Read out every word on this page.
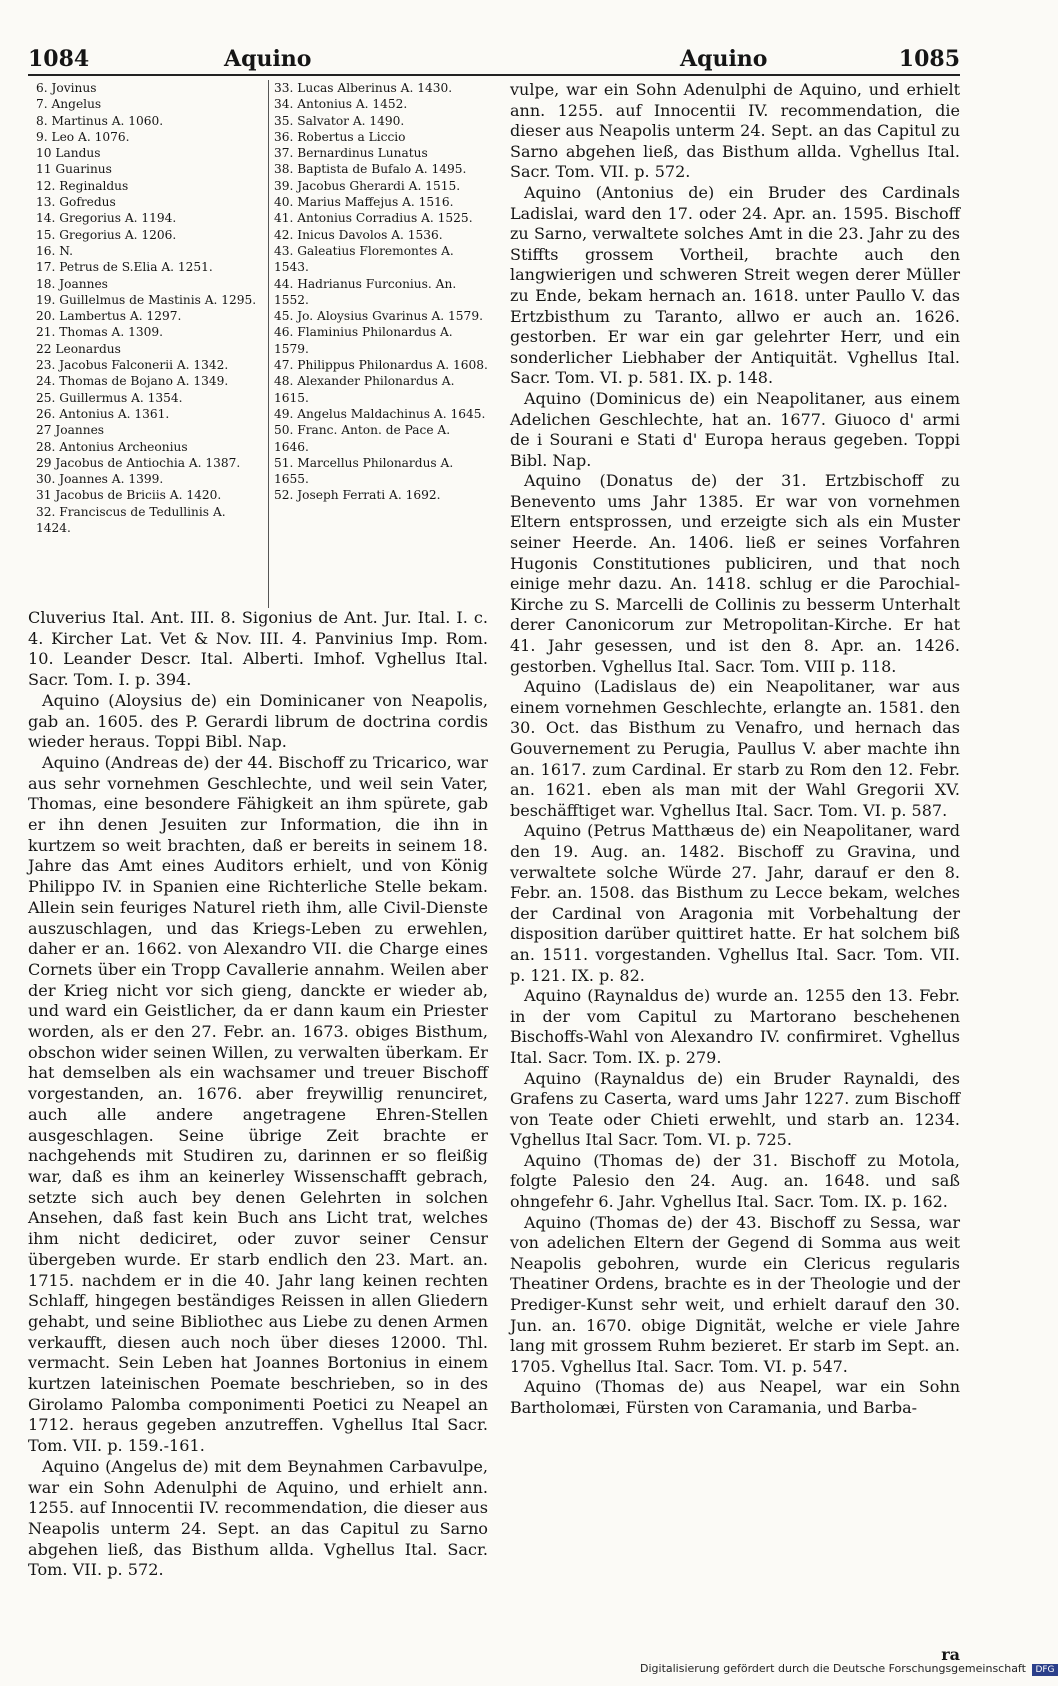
1084	Aquino	Aquino	1085
6. Jovinus
7. Angelus
8. Martinus A. 1060.
9. Leo A. 1076.
10 Landus
11 Guarinus
12. Reginaldus
13. Gofredus
14. Gregorius A. 1194.
15. Gregorius A. 1206.
16. N.
17. Petrus de S.Elia A. 1251.
18. Joannes
19. Guillelmus de Mastinis A. 1295.
20. Lambertus A. 1297.
21. Thomas A. 1309.
22 Leonardus
23. Jacobus Falconerii A. 1342.
24. Thomas de Bojano A. 1349.
25. Guillermus A. 1354.
26. Antonius A. 1361.
27 Joannes
28. Antonius Archeonius
29 Jacobus de Antiochia A. 1387.
30. Joannes A. 1399.
31 Jacobus de Briciis A. 1420.
32. Franciscus de Tedullinis A. 1424.
33. Lucas Alberinus A. 1430.
34. Antonius A. 1452.
35. Salvator A. 1490.
36. Robertus a Liccio
37. Bernardinus Lunatus
38. Baptista de Bufalo A. 1495.
39. Jacobus Gherardi A. 1515.
40. Marius Maffejus A. 1516.
41. Antonius Corradius A. 1525.
42. Inicus Davolos A. 1536.
43. Galeatius Floremontes A. 1543.
44. Hadrianus Furconius. An. 1552.
45. Jo. Aloysius Gvarinus A. 1579.
46. Flaminius Philonardus A. 1579.
47. Philippus Philonardus A. 1608.
48. Alexander Philonardus A. 1615.
49. Angelus Maldachinus A. 1645.
50. Franc. Anton. de Pace A. 1646.
51. Marcellus Philonardus A. 1655.
52. Joseph Ferrati A. 1692.

Cluverius Ital. Ant. III. 8. Sigonius de Ant. Jur. Ital. I. c. 4. Kircher Lat. Vet & Nov. III. 4. Panvinius Imp. Rom. 10. Leander Descr. Ital. Alberti. Imhof. Vghellus Ital. Sacr. Tom. I. p. 394.

Aquino (Aloysius de) ein Dominicaner von Neapolis, gab an. 1605. des P. Gerardi librum de doctrina cordis wieder heraus. Toppi Bibl. Nap.

Aquino (Andreas de) der 44. Bischoff zu Tricarico, war aus sehr vornehmen Geschlechte, und weil sein Vater, Thomas, eine besondere Fähigkeit an ihm spürete, gab er ihn denen Jesuiten zur Information, die ihn in kurtzem so weit brachten, daß er bereits in seinem 18. Jahre das Amt eines Auditors erhielt, und von König Philippo IV. in Spanien eine Richterliche Stelle bekam. Allein sein feuriges Naturel rieth ihm, alle Civil-Dienste auszuschlagen, und das Kriegs-Leben zu erwehlen, daher er an. 1662. von Alexandro VII. die Charge eines Cornets über ein Tropp Cavallerie annahm. Weilen aber der Krieg nicht vor sich gieng, danckte er wieder ab, und ward ein Geistlicher, da er dann kaum ein Priester worden, als er den 27. Febr. an. 1673. obiges Bisthum, obschon wider seinen Willen, zu verwalten überkam. Er hat demselben als ein wachsamer und treuer Bischoff vorgestanden, an. 1676. aber freywillig renunciret, auch alle andere angetragene Ehren-Stellen ausgeschlagen. Seine übrige Zeit brachte er nachgehends mit Studiren zu, darinnen er so fleißig war, daß es ihm an keinerley Wissenschafft gebrach, setzte sich auch bey denen Gelehrten in solchen Ansehen, daß fast kein Buch ans Licht trat, welches ihm nicht dediciret, oder zuvor seiner Censur übergeben wurde. Er starb endlich den 23. Mart. an. 1715. nachdem er in die 40. Jahr lang keinen rechten Schlaff, hingegen beständiges Reissen in allen Gliedern gehabt, und seine Bibliothec aus Liebe zu denen Armen verkaufft, diesen auch noch über dieses 12000. Thl. vermacht. Sein Leben hat Joannes Bortonius in einem kurtzen lateinischen Poemate beschrieben, so in des Girolamo Palomba componimenti Poetici zu Neapel an 1712. heraus gegeben anzutreffen. Vghellus Ital Sacr. Tom. VII. p. 159.-161.

Aquino (Angelus de) mit dem Beynahmen Carbavulpe, war ein Sohn Adenulphi de Aquino, und erhielt ann. 1255. auf Innocentii IV. recommendation, die dieser aus Neapolis unterm 24. Sept. an das Capitul zu Sarno abgehen ließ, das Bisthum allda. Vghellus Ital. Sacr. Tom. VII. p. 572.

vulpe, war ein Sohn Adenulphi de Aquino, und erhielt ann. 1255. auf Innocentii IV. recommendation, die dieser aus Neapolis unterm 24. Sept. an das Capitul zu Sarno abgehen ließ, das Bisthum allda. Vghellus Ital. Sacr. Tom. VII. p. 572.

Aquino (Antonius de) ein Bruder des Cardinals Ladislai, ward den 17. oder 24. Apr. an. 1595. Bischoff zu Sarno, verwaltete solches Amt in die 23. Jahr zu des Stiffts grossem Vortheil, brachte auch den langwierigen und schweren Streit wegen derer Müller zu Ende, bekam hernach an. 1618. unter Paullo V. das Ertzbisthum zu Taranto, allwo er auch an. 1626. gestorben. Er war ein gar gelehrter Herr, und ein sonderlicher Liebhaber der Antiquität. Vghellus Ital. Sacr. Tom. VI. p. 581. IX. p. 148.

Aquino (Dominicus de) ein Neapolitaner, aus einem Adelichen Geschlechte, hat an. 1677. Giuoco d' armi de i Sourani e Stati d' Europa heraus gegeben. Toppi Bibl. Nap.

Aquino (Donatus de) der 31. Ertzbischoff zu Benevento ums Jahr 1385. Er war von vornehmen Eltern entsprossen, und erzeigte sich als ein Muster seiner Heerde. An. 1406. ließ er seines Vorfahren Hugonis Constitutiones publiciren, und that noch einige mehr dazu. An. 1418. schlug er die Parochial-Kirche zu S. Marcelli de Collinis zu besserm Unterhalt derer Canonicorum zur Metropolitan-Kirche. Er hat 41. Jahr gesessen, und ist den 8. Apr. an. 1426. gestorben. Vghellus Ital. Sacr. Tom. VIII p. 118.

Aquino (Ladislaus de) ein Neapolitaner, war aus einem vornehmen Geschlechte, erlangte an. 1581. den 30. Oct. das Bisthum zu Venafro, und hernach das Gouvernement zu Perugia, Paullus V. aber machte ihn an. 1617. zum Cardinal. Er starb zu Rom den 12. Febr. an. 1621. eben als man mit der Wahl Gregorii XV. beschäfftiget war. Vghellus Ital. Sacr. Tom. VI. p. 587.

Aquino (Petrus Matthæus de) ein Neapolitaner, ward den 19. Aug. an. 1482. Bischoff zu Gravina, und verwaltete solche Würde 27. Jahr, darauf er den 8. Febr. an. 1508. das Bisthum zu Lecce bekam, welches der Cardinal von Aragonia mit Vorbehaltung der disposition darüber quittiret hatte. Er hat solchem biß an. 1511. vorgestanden. Vghellus Ital. Sacr. Tom. VII. p. 121. IX. p. 82.

Aquino (Raynaldus de) wurde an. 1255 den 13. Febr. in der vom Capitul zu Martorano beschehenen Bischoffs-Wahl von Alexandro IV. confirmiret. Vghellus Ital. Sacr. Tom. IX. p. 279.

Aquino (Raynaldus de) ein Bruder Raynaldi, des Grafens zu Caserta, ward ums Jahr 1227. zum Bischoff von Teate oder Chieti erwehlt, und starb an. 1234. Vghellus Ital Sacr. Tom. VI. p. 725.

Aquino (Thomas de) der 31. Bischoff zu Motola, folgte Palesio den 24. Aug. an. 1648. und saß ohngefehr 6. Jahr. Vghellus Ital. Sacr. Tom. IX. p. 162.

Aquino (Thomas de) der 43. Bischoff zu Sessa, war von adelichen Eltern der Gegend di Somma aus weit Neapolis gebohren, wurde ein Clericus regularis Theatiner Ordens, brachte es in der Theologie und der Prediger-Kunst sehr weit, und erhielt darauf den 30. Jun. an. 1670. obige Dignität, welche er viele Jahre lang mit grossem Ruhm bezieret. Er starb im Sept. an. 1705. Vghellus Ital. Sacr. Tom. VI. p. 547.

Aquino (Thomas de) aus Neapel, war ein Sohn Bartholomæi, Fürsten von Caramania, und Barba-

ra
Digitalisierung gefördert durch die Deutsche Forschungsgemeinschaft DFG
